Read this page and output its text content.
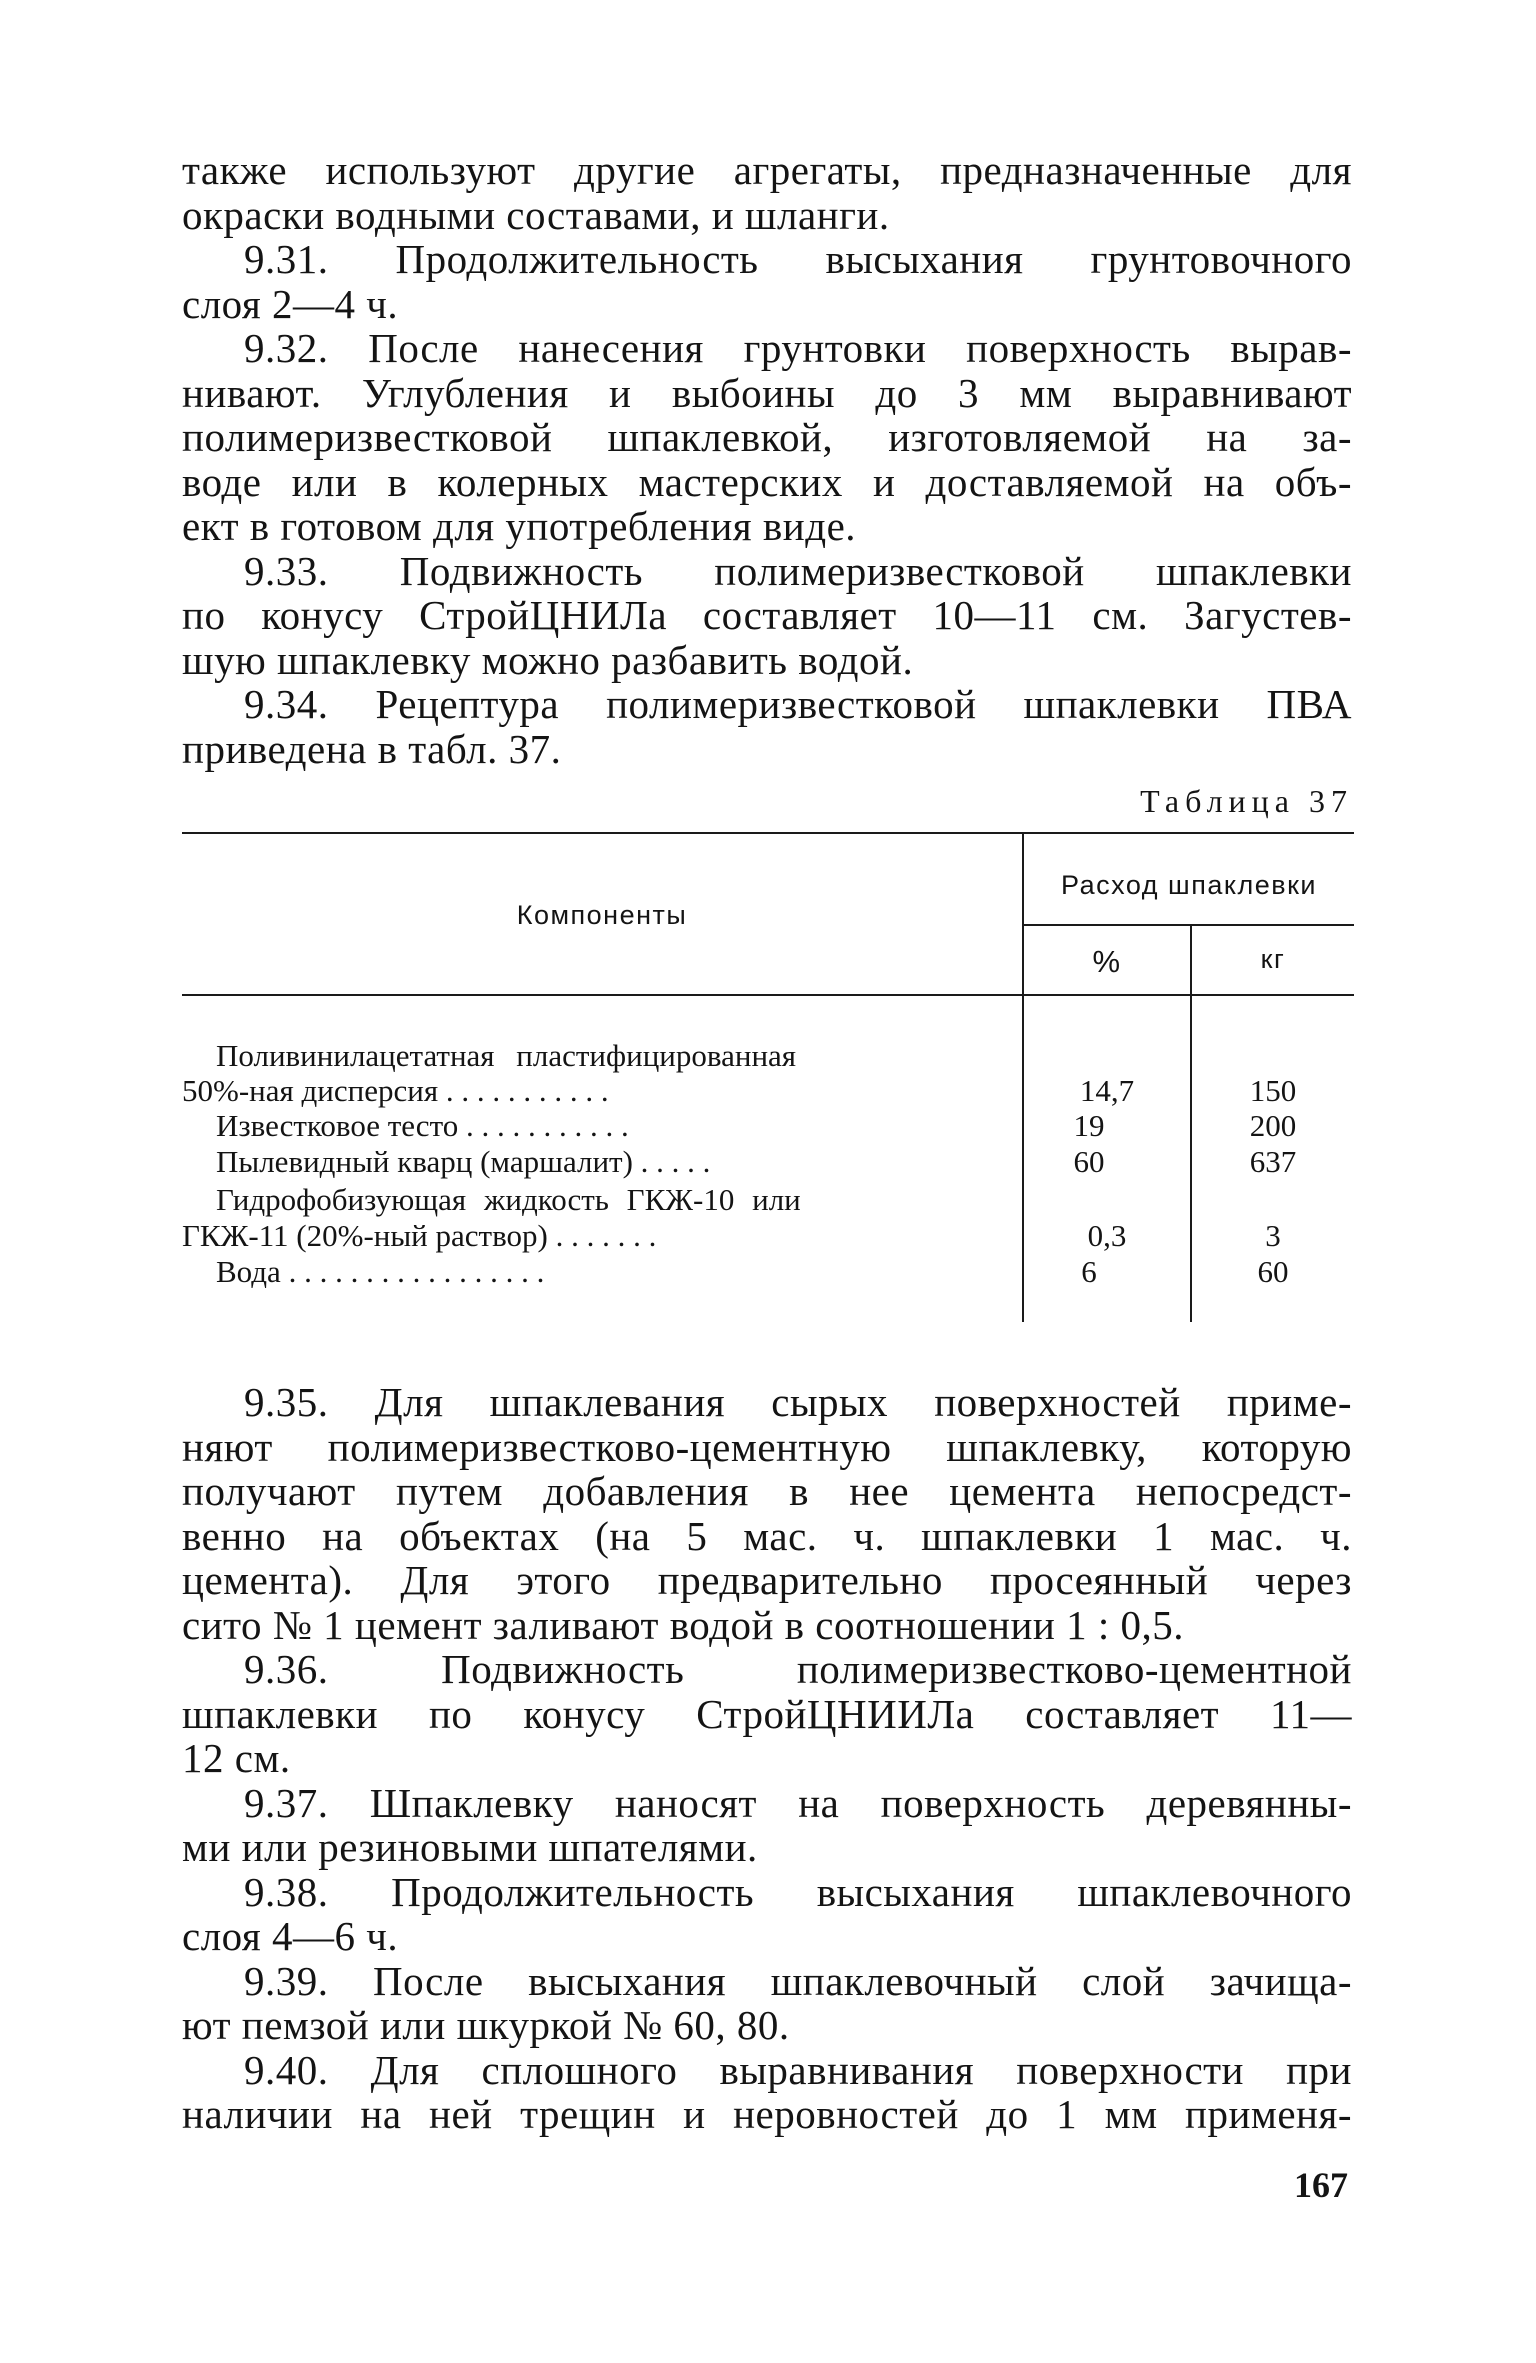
также используют другие агрегаты, предназначенные для
окраски водными составами, и шланги.
9.31. Продолжительность высыхания грунтовочного
слоя 2—4 ч.
9.32. После нанесения грунтовки поверхность вырав-
нивают. Углубления и выбоины до 3 мм выравнивают
полимеризвестковой шпаклевкой, изготовляемой на за-
воде или в колерных мастерских и доставляемой на объ-
ект в готовом для употребления виде.
9.33. Подвижность полимеризвестковой шпаклевки
по конусу СтройЦНИЛа составляет 10—11 см. Загустев-
шую шпаклевку можно разбавить водой.
9.34. Рецептура полимеризвестковой шпаклевки ПВА
приведена в табл. 37.
Таблица 37
Компоненты
Расход шпаклевки
%	кг
Поливинилацетатная пластифицированная
50%-ная дисперсия . . . . . . . . . . .	14,7	150
Известковое тесто . . . . . . . . . . .	19	200
Пылевидный кварц (маршалит) . . . . .	60	637
Гидрофобизующая жидкость ГКЖ-10 или
ГКЖ-11 (20%-ный раствор) . . . . . . .	0,3	3
Вода . . . . . . . . . . . . . . . . .	6	60
9.35. Для шпаклевания сырых поверхностей приме-
няют полимеризвестково-цементную шпаклевку, которую
получают путем добавления в нее цемента непосредст-
венно на объектах (на 5 мас. ч. шпаклевки 1 мас. ч.
цемента). Для этого предварительно просеянный через
сито № 1 цемент заливают водой в соотношении 1 : 0,5.
9.36. Подвижность полимеризвестково-цементной
шпаклевки по конусу СтройЦНИИЛа составляет 11—
12 см.
9.37. Шпаклевку наносят на поверхность деревянны-
ми или резиновыми шпателями.
9.38. Продолжительность высыхания шпаклевочного
слоя 4—6 ч.
9.39. После высыхания шпаклевочный слой зачища-
ют пемзой или шкуркой № 60, 80.
9.40. Для сплошного выравнивания поверхности при
наличии на ней трещин и неровностей до 1 мм применя-
167
